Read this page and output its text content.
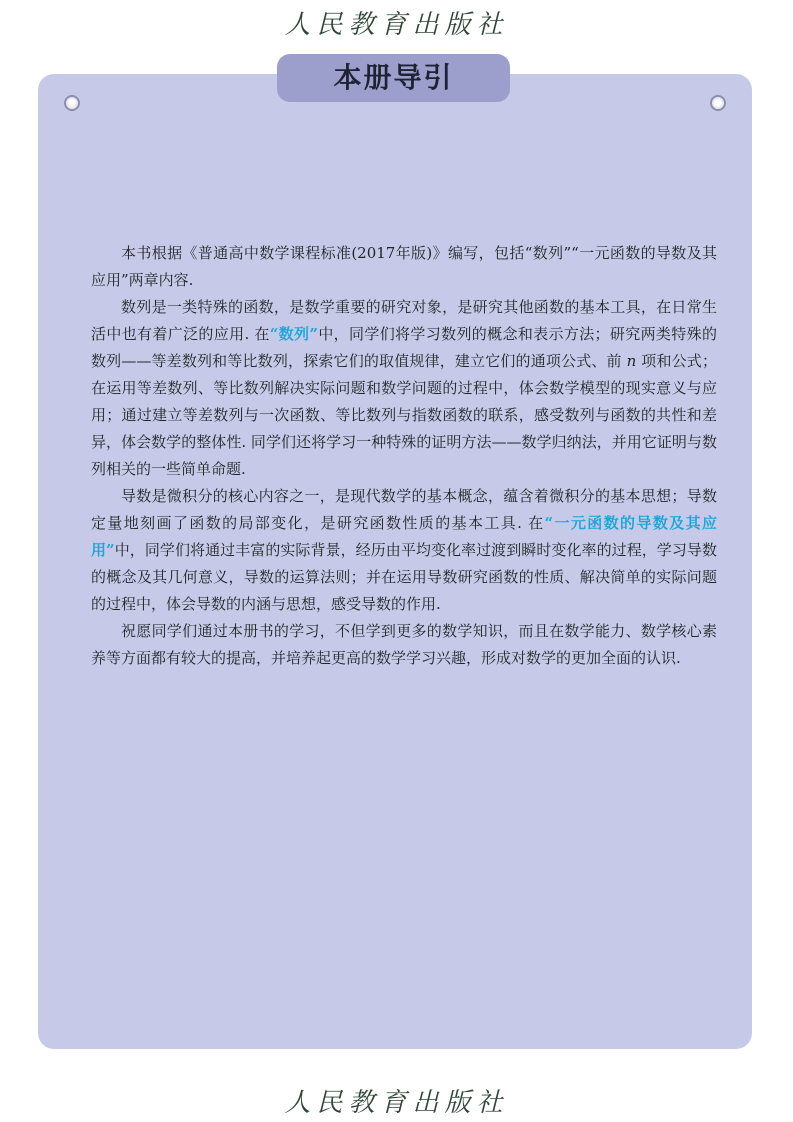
人民教育出版社
本册导引

本书根据《普通高中数学课程标准(2017年版)》编写，包括“数列”“一元函数的导数及其应用”两章内容.

数列是一类特殊的函数，是数学重要的研究对象，是研究其他函数的基本工具，在日常生活中也有着广泛的应用. 在“数列”中，同学们将学习数列的概念和表示方法；研究两类特殊的数列——等差数列和等比数列，探索它们的取值规律，建立它们的通项公式、前 n 项和公式；在运用等差数列、等比数列解决实际问题和数学问题的过程中，体会数学模型的现实意义与应用；通过建立等差数列与一次函数、等比数列与指数函数的联系，感受数列与函数的共性和差异，体会数学的整体性. 同学们还将学习一种特殊的证明方法——数学归纳法，并用它证明与数列相关的一些简单命题.

导数是微积分的核心内容之一，是现代数学的基本概念，蕴含着微积分的基本思想；导数定量地刻画了函数的局部变化，是研究函数性质的基本工具. 在“一元函数的导数及其应用”中，同学们将通过丰富的实际背景，经历由平均变化率过渡到瞬时变化率的过程，学习导数的概念及其几何意义，导数的运算法则；并在运用导数研究函数的性质、解决简单的实际问题的过程中，体会导数的内涵与思想，感受导数的作用.

祝愿同学们通过本册书的学习，不但学到更多的数学知识，而且在数学能力、数学核心素养等方面都有较大的提高，并培养起更高的数学学习兴趣，形成对数学的更加全面的认识.

人民教育出版社
